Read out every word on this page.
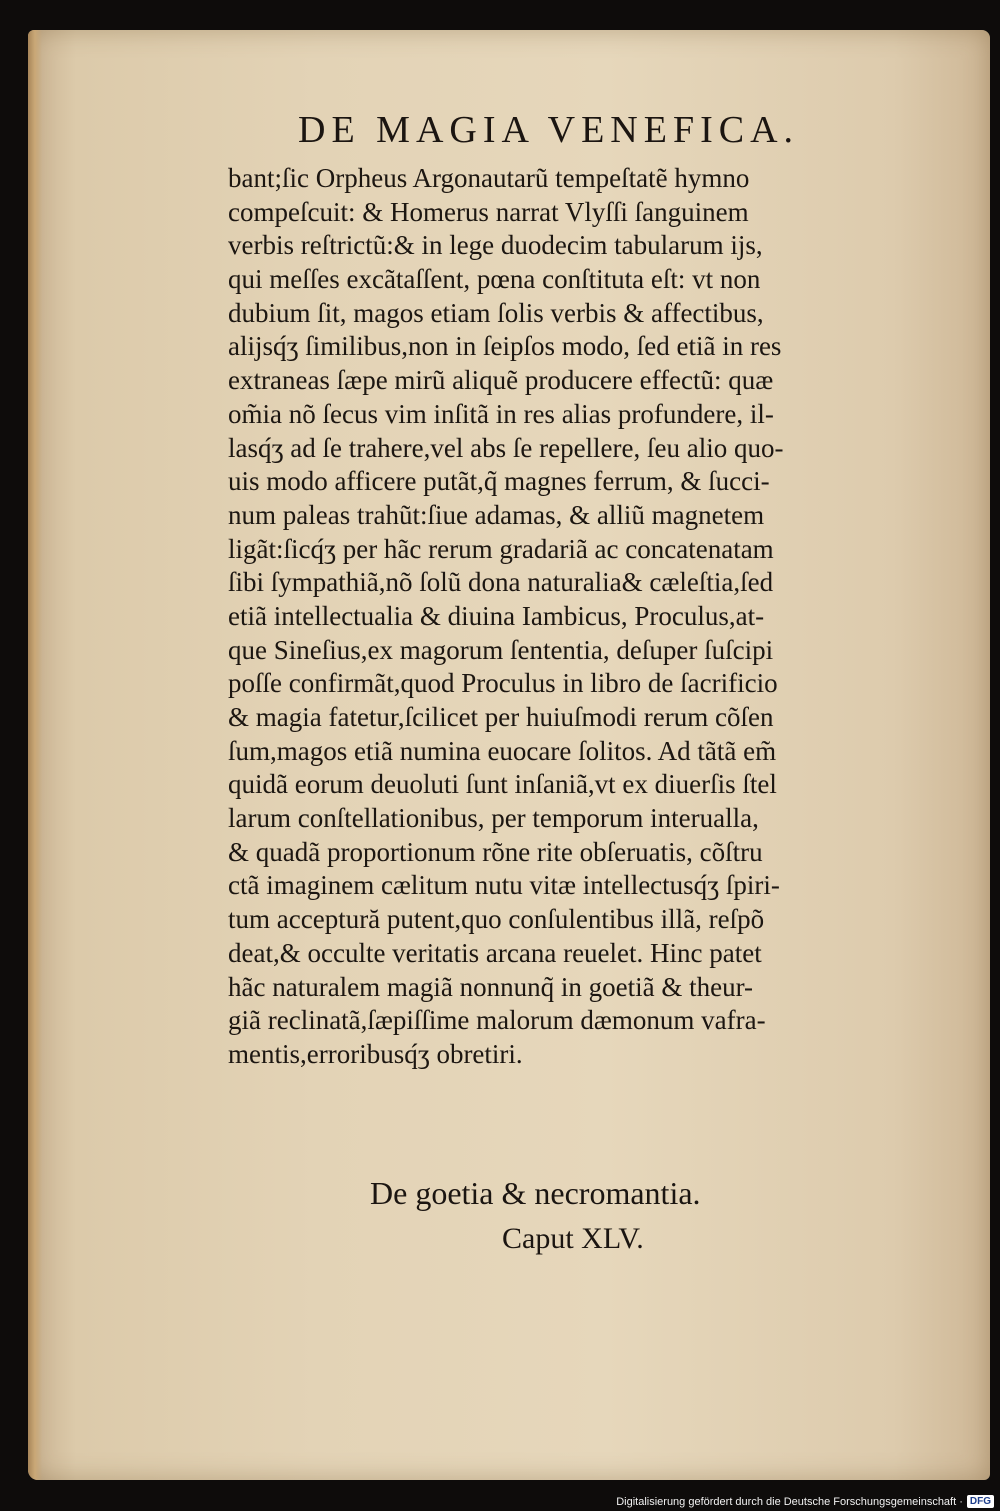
DE MAGIA VENEFICA.
bant;ſic Orpheus Argonautarũ tempeſtatẽ hymno
compeſcuit: & Homerus narrat Vlyſſi ſanguinem
verbis reſtrictũ:& in lege duodecim tabularum ijs,
qui meſſes excãtaſſent, pœna conſtituta eſt: vt non
dubium ſit, magos etiam ſolis verbis & affectibus,
alijsq́ʒ ſimilibus,non in ſeipſos modo, ſed etiã in res
extraneas ſæpe mirũ aliquẽ producere effectũ: quæ
om̃ia nõ ſecus vim inſitã in res alias profundere, il-
lasq́ʒ ad ſe trahere,vel abs ſe repellere, ſeu alio quo-
uis modo afficere putãt,q̃ magnes ferrum, & ſucci-
num paleas trahũt:ſiue adamas, & alliũ magnetem
ligãt:ſicq́ʒ per hãc rerum gradariã ac concatenatam
ſibi ſympathiã,nõ ſolũ dona naturalia& cæleſtia,ſed
etiã intellectualia & diuina Iambicus, Proculus,at-
que Sineſius,ex magorum ſententia, deſuper ſuſcipi
poſſe confirmãt,quod Proculus in libro de ſacrificio
& magia fatetur,ſcilicet per huiuſmodi rerum cõſen
ſum,magos etiã numina euocare ſolitos. Ad tãtã em̃
quidã eorum deuoluti ſunt inſaniã,vt ex diuerſis ſtel
larum conſtellationibus, per temporum interualla,
& quadã proportionum rõne rite obſeruatis, cõſtru
ctã imaginem cælitum nutu vitæ intellectusq́ʒ ſpiri-
tum acceptură putent,quo conſulentibus illã, reſpõ
deat,& occulte veritatis arcana reuelet. Hinc patet
hãc naturalem magiã nonnunq̃ in goetiã & theur-
giã reclinatã,ſæpiſſime malorum dæmonum vafra-
mentis,erroribusq́ʒ obretiri.
De goetia & necromantia.
Caput XLV.
Digitalisierung gefördert durch die Deutsche Forschungsgemeinschaft · DFG
